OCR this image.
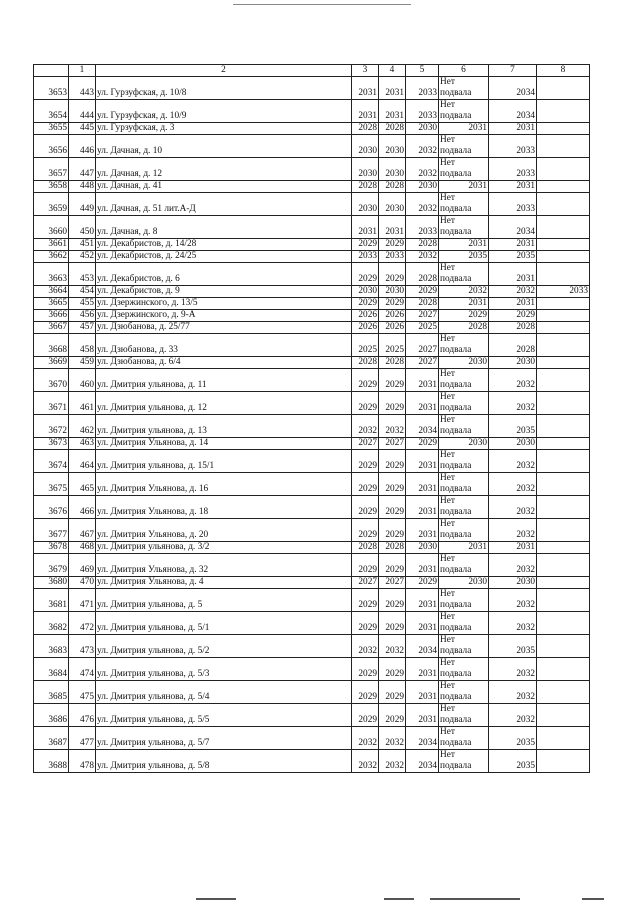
	1	2	3	4	5	6	7	8
3653	443	ул. Гурзуфская, д. 10/8	2031	2031	2033	Нет
подвала	2034	
3654	444	ул. Гурзуфская, д. 10/9	2031	2031	2033	Нет
подвала	2034	
3655	445	ул. Гурзуфская, д. 3	2028	2028	2030	2031	2031	
3656	446	ул. Дачная, д. 10	2030	2030	2032	Нет
подвала	2033	
3657	447	ул. Дачная, д. 12	2030	2030	2032	Нет
подвала	2033	
3658	448	ул. Дачная, д. 41	2028	2028	2030	2031	2031	
3659	449	ул. Дачная, д. 51 лит.А-Д	2030	2030	2032	Нет
подвала	2033	
3660	450	ул. Дачная, д. 8	2031	2031	2033	Нет
подвала	2034	
3661	451	ул. Декабристов, д. 14/28	2029	2029	2028	2031	2031	
3662	452	ул. Декабристов, д. 24/25	2033	2033	2032	2035	2035	
3663	453	ул. Декабристов, д. 6	2029	2029	2028	Нет
подвала	2031	
3664	454	ул. Декабристов, д. 9	2030	2030	2029	2032	2032	2033
3665	455	ул. Дзержинского, д. 13/5	2029	2029	2028	2031	2031	
3666	456	ул. Дзержинского, д. 9-А	2026	2026	2027	2029	2029	
3667	457	ул. Дзюбанова, д. 25/77	2026	2026	2025	2028	2028	
3668	458	ул. Дзюбанова, д. 33	2025	2025	2027	Нет
подвала	2028	
3669	459	ул. Дзюбанова, д. 6/4	2028	2028	2027	2030	2030	
3670	460	ул. Дмитрия ульянова, д. 11	2029	2029	2031	Нет
подвала	2032	
3671	461	ул. Дмитрия ульянова, д. 12	2029	2029	2031	Нет
подвала	2032	
3672	462	ул. Дмитрия ульянова, д. 13	2032	2032	2034	Нет
подвала	2035	
3673	463	ул. Дмитрия Ульянова, д. 14	2027	2027	2029	2030	2030	
3674	464	ул. Дмитрия ульянова, д. 15/1	2029	2029	2031	Нет
подвала	2032	
3675	465	ул. Дмитрия Ульянова, д. 16	2029	2029	2031	Нет
подвала	2032	
3676	466	ул. Дмитрия Ульянова, д. 18	2029	2029	2031	Нет
подвала	2032	
3677	467	ул. Дмитрия Ульянова, д. 20	2029	2029	2031	Нет
подвала	2032	
3678	468	ул. Дмитрия ульянова, д. 3/2	2028	2028	2030	2031	2031	
3679	469	ул. Дмитрия Ульянова, д. 32	2029	2029	2031	Нет
подвала	2032	
3680	470	ул. Дмитрия Ульянова, д. 4	2027	2027	2029	2030	2030	
3681	471	ул. Дмитрия ульянова, д. 5	2029	2029	2031	Нет
подвала	2032	
3682	472	ул. Дмитрия ульянова, д. 5/1	2029	2029	2031	Нет
подвала	2032	
3683	473	ул. Дмитрия ульянова, д. 5/2	2032	2032	2034	Нет
подвала	2035	
3684	474	ул. Дмитрия ульянова, д. 5/3	2029	2029	2031	Нет
подвала	2032	
3685	475	ул. Дмитрия ульянова, д. 5/4	2029	2029	2031	Нет
подвала	2032	
3686	476	ул. Дмитрия ульянова, д. 5/5	2029	2029	2031	Нет
подвала	2032	
3687	477	ул. Дмитрия ульянова, д. 5/7	2032	2032	2034	Нет
подвала	2035	
3688	478	ул. Дмитрия ульянова, д. 5/8	2032	2032	2034	Нет
подвала	2035	
